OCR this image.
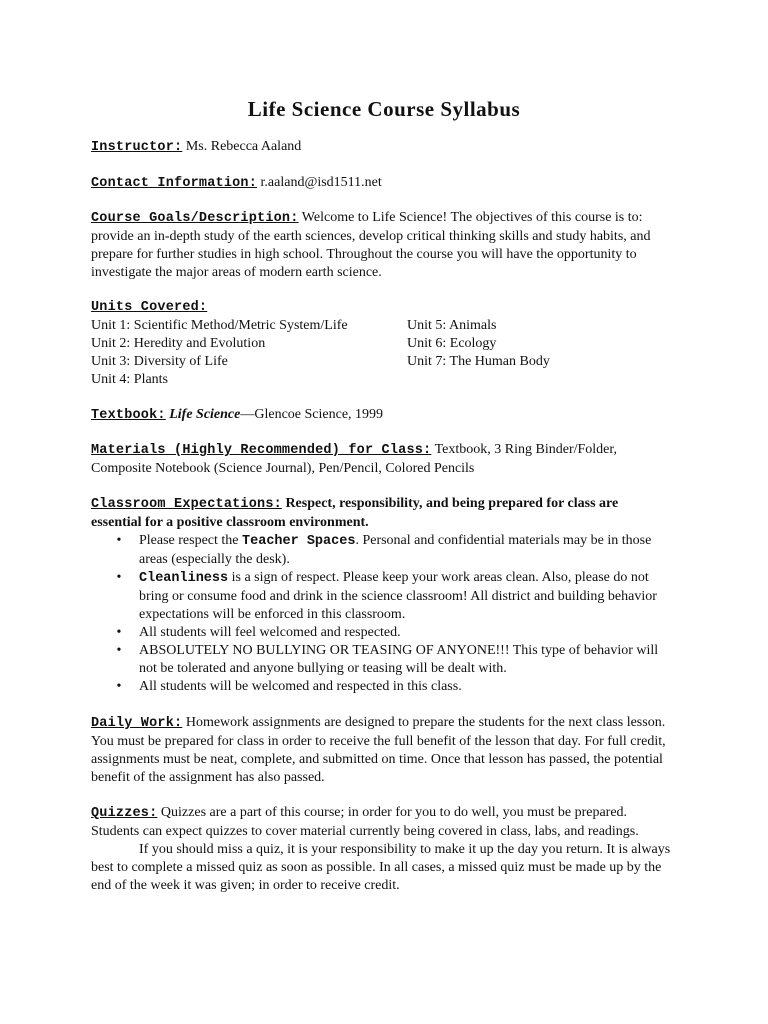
Life Science Course Syllabus
Instructor: Ms. Rebecca Aaland
Contact Information: r.aaland@isd1511.net
Course Goals/Description: Welcome to Life Science! The objectives of this course is to: provide an in-depth study of the earth sciences, develop critical thinking skills and study habits, and prepare for further studies in high school. Throughout the course you will have the opportunity to investigate the major areas of modern earth science.
Units Covered:
Unit 1: Scientific Method/Metric System/Life
Unit 2: Heredity and Evolution
Unit 3: Diversity of Life
Unit 4: Plants
Unit 5: Animals
Unit 6: Ecology
Unit 7: The Human Body
Textbook: Life Science—Glencoe Science, 1999
Materials (Highly Recommended) for Class: Textbook, 3 Ring Binder/Folder, Composite Notebook (Science Journal), Pen/Pencil, Colored Pencils
Classroom Expectations: Respect, responsibility, and being prepared for class are essential for a positive classroom environment.
• Please respect the Teacher Spaces. Personal and confidential materials may be in those areas (especially the desk).
• Cleanliness is a sign of respect. Please keep your work areas clean. Also, please do not bring or consume food and drink in the science classroom! All district and building behavior expectations will be enforced in this classroom.
• All students will feel welcomed and respected.
• ABSOLUTELY NO BULLYING OR TEASING OF ANYONE!!! This type of behavior will not be tolerated and anyone bullying or teasing will be dealt with.
• All students will be welcomed and respected in this class.
Daily Work: Homework assignments are designed to prepare the students for the next class lesson. You must be prepared for class in order to receive the full benefit of the lesson that day. For full credit, assignments must be neat, complete, and submitted on time. Once that lesson has passed, the potential benefit of the assignment has also passed.
Quizzes: Quizzes are a part of this course; in order for you to do well, you must be prepared. Students can expect quizzes to cover material currently being covered in class, labs, and readings.
If you should miss a quiz, it is your responsibility to make it up the day you return. It is always best to complete a missed quiz as soon as possible. In all cases, a missed quiz must be made up by the end of the week it was given; in order to receive credit.
